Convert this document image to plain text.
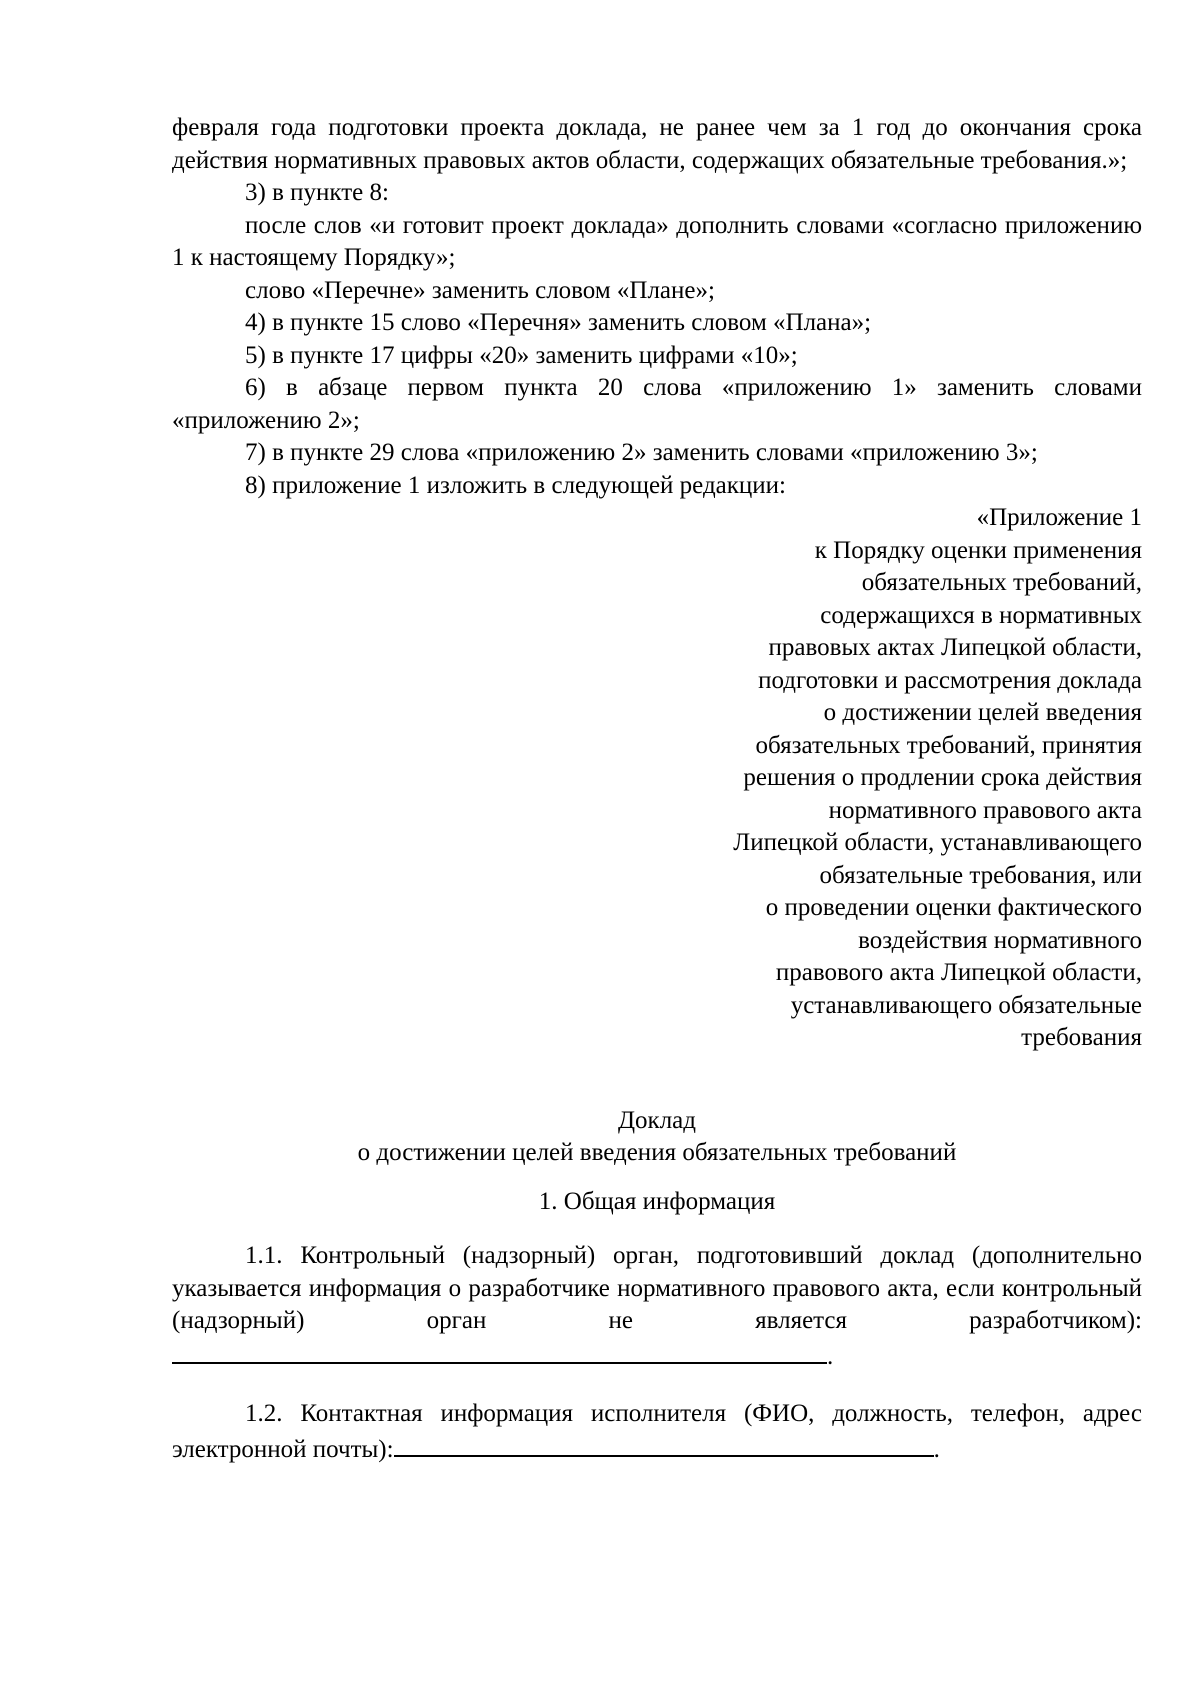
февраля года подготовки проекта доклада, не ранее чем за 1 год до окончания срока действия нормативных правовых актов области, содержащих обязательные требования.»;

3) в пункте 8:

после слов «и готовит проект доклада» дополнить словами «согласно приложению 1 к настоящему Порядку»;

слово «Перечне» заменить словом «Плане»;

4) в пункте 15 слово «Перечня» заменить словом «Плана»;

5) в пункте 17 цифры «20» заменить цифрами «10»;

6) в абзаце первом пункта 20 слова «приложению 1» заменить словами «приложению 2»;

7) в пункте 29 слова «приложению 2» заменить словами «приложению 3»;

8) приложение 1 изложить в следующей редакции:

«Приложение 1
к Порядку оценки применения
обязательных требований,
содержащихся в нормативных
правовых актах Липецкой области,
подготовки и рассмотрения доклада
о достижении целей введения
обязательных требований, принятия
решения о продлении срока действия
нормативного правового акта
Липецкой области, устанавливающего
обязательные требования, или
о проведении оценки фактического
воздействия нормативного
правового акта Липецкой области,
устанавливающего обязательные
требования
Доклад
о достижении целей введения обязательных требований
1. Общая информация

1.1. Контрольный (надзорный) орган, подготовивший доклад (дополнительно указывается информация о разработчике нормативного правового акта, если контрольный (надзорный) орган не является разработчиком): .

1.2. Контактная информация исполнителя (ФИО, должность, телефон, адрес электронной почты):	.
